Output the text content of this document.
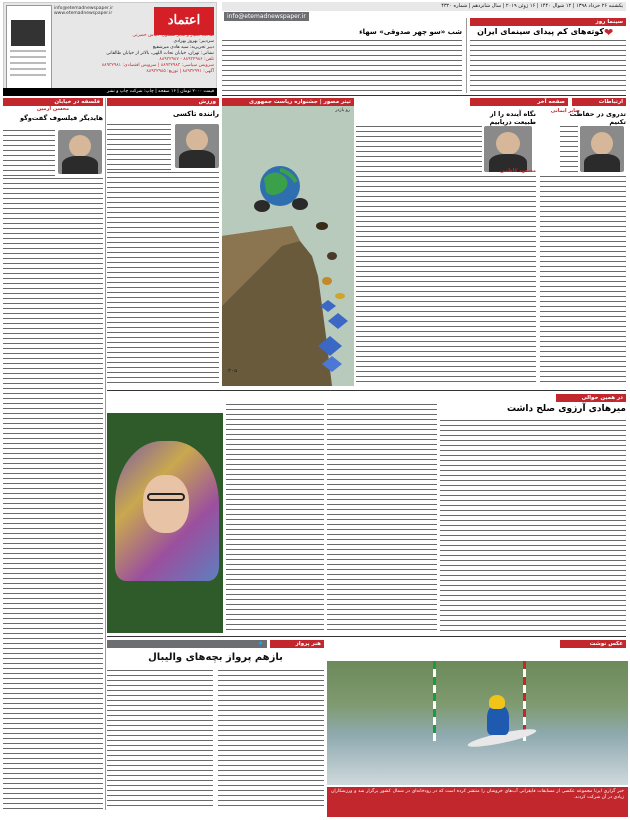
info@etemadnewspaper.ir
www.etemadnewspaper.ir	اعتماد
صاحب امتیاز و مدیر مسئول: الیاس حضرتی
سردبیر: بهروز بهزادی
دبیر تحریریه: سید هادی میرشفیع
نشانی: تهران، خیابان نجات اللهی، بالاتر از خیابان طالقانی
تلفن: ۸۸۹۳۲۹۸۶ - ۸۸۹۳۲۹۸۷
سرویس سیاسی: ۸۸۹۳۲۹۸۳ | سرویس اقتصادی: ۸۸۹۳۲۹۸۱
آگهی: ۸۸۹۳۲۹۹۱ | توزیع: ۸۸۹۳۲۹۸۵
قیمت ۲۰۰۰ تومان | ۱۶ صفحه | چاپ: شرکت چاپ و نشر
یکشنبه ۲۶ خرداد ۱۳۹۸ | ۱۲ شوال ۱۴۴۰ | ۱۶ ژوئن ۲۰۱۹ | سال شانزدهم | شماره ۴۳۲۰
info@etemadnewspaper.ir
سینما روز
❤
کوته‌های کم پیدای سینمای ایران
شب «سو چهر صدوقی» سهاء
ارتباطات
صفحه آخر
تیتر مصور | جشنواره ریاست جمهوری
ورزش
فلسفه در خیابان
تدروی در حفاظت تکنیم
صابر ایمانی
نگاه آینده را از طبیعت دریابیم
مسعود کاظمی
۳۰۵
رو بازدر
راننده تاکسی
محسن آرمین
هایدیگر فیلسوف گفت‌وگو
در همین حوالی
میرهادی آرزوی صلح داشت
هنر پرواز
✦
بازهم پرواز بچه‌های والیبال
عکس نوشت
خبر گزاری ایرنا مجموعه عکسی از مسابقات قایقرانی آب‌های خروشان را منتشر کرده است که در رودخانه‌ای در شمال کشور برگزار شد و ورزشکاران زیادی در آن شرکت کردند.
